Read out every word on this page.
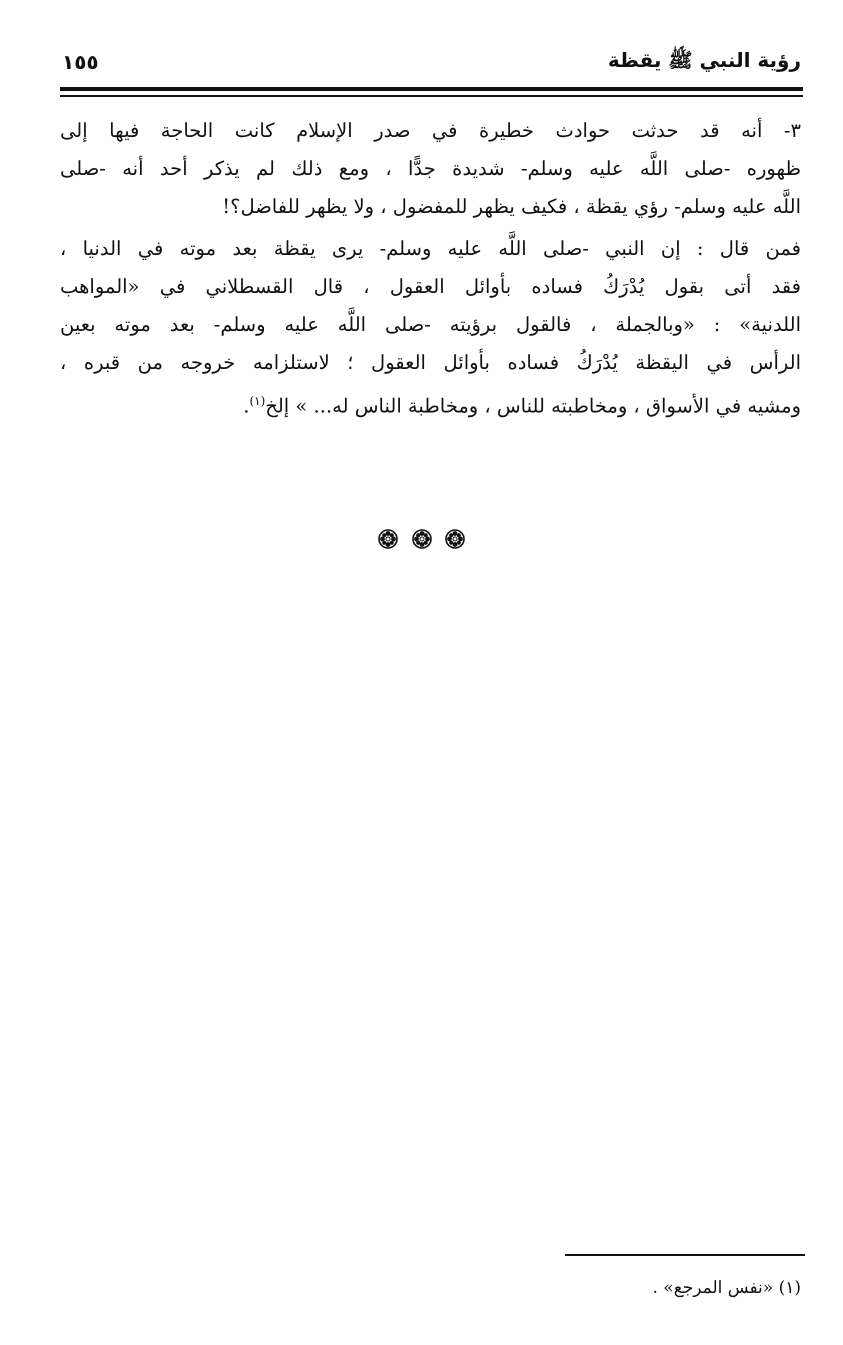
رؤية النبي ﷺ يقظة
١٥٥

٣- أنه قد حدثت حوادث خطيرة في صدر الإسلام كانت الحاجة فيها إلى

ظهوره -صلى اللَّه عليه وسلم- شديدة جدًّا ، ومع ذلك لم يذكر أحد أنه -صلى

اللَّه عليه وسلم- رؤي يقظة ، فكيف يظهر للمفضول ، ولا يظهر للفاضل؟!

فمن قال : إن النبي -صلى اللَّه عليه وسلم- يرى يقظة بعد موته في الدنيا ،

فقد أتى بقول يُدْرَكُ فساده بأوائل العقول ، قال القسطلاني في «المواهب

اللدنية» : «وبالجملة ، فالقول برؤيته -صلى اللَّه عليه وسلم- بعد موته بعين

الرأس في اليقظة يُدْرَكُ فساده بأوائل العقول ؛ لاستلزامه خروجه من قبره ،

ومشيه في الأسواق ، ومخاطبته للناس ، ومخاطبة الناس له... » إلخ$^{(١)}$.

(١) «نفس المرجع» .
